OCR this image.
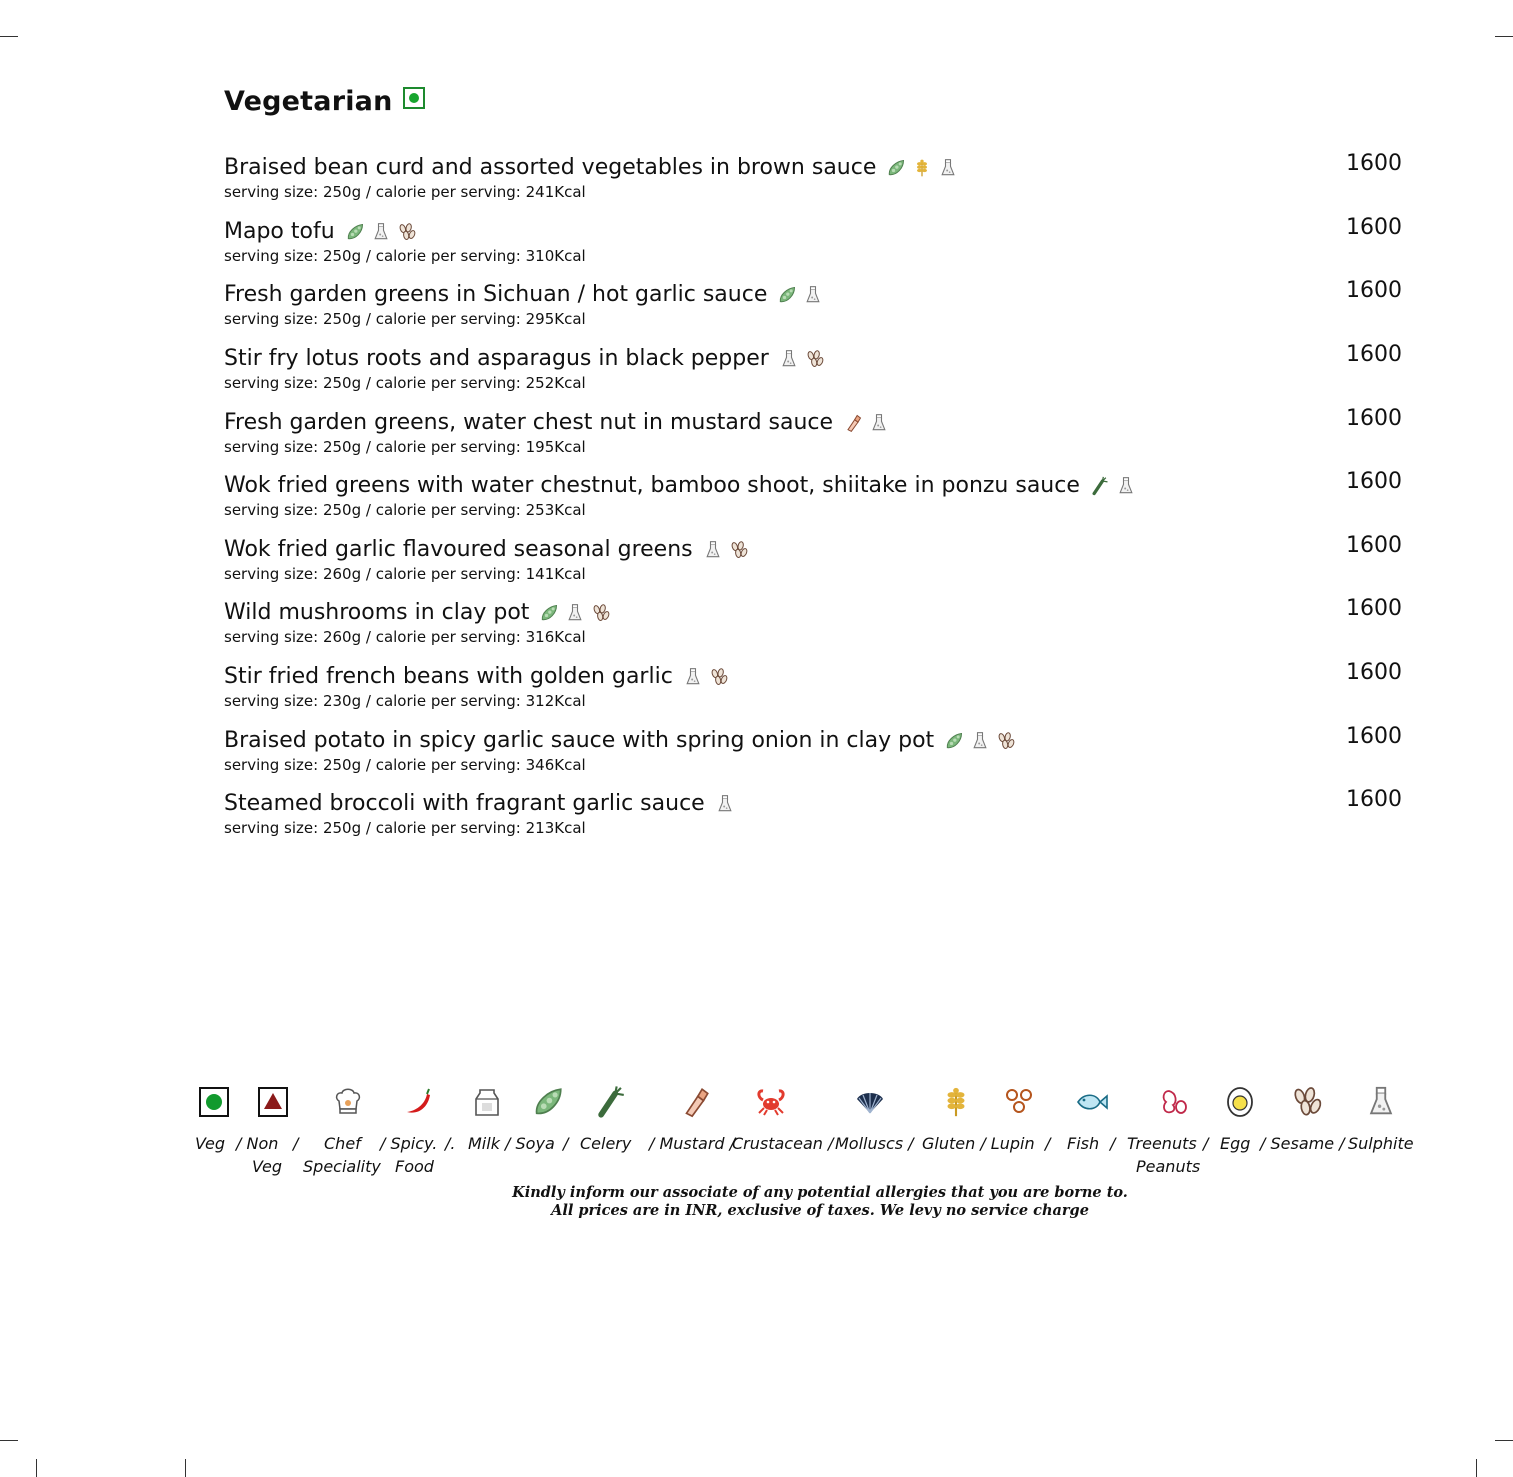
Vegetarian
Braised bean curd and assorted vegetables in brown sauce
serving size: 250g / calorie per serving: 241Kcal
1600
Mapo tofu
serving size: 250g / calorie per serving: 310Kcal
1600
Fresh garden greens in Sichuan / hot garlic sauce
serving size: 250g / calorie per serving: 295Kcal
1600
Stir fry lotus roots and asparagus in black pepper
serving size: 250g / calorie per serving: 252Kcal
1600
Fresh garden greens, water chest nut in mustard sauce
serving size: 250g / calorie per serving: 195Kcal
1600
Wok fried greens with water chestnut, bamboo shoot, shiitake in ponzu sauce
serving size: 250g / calorie per serving: 253Kcal
1600
Wok fried garlic flavoured seasonal greens
serving size: 260g / calorie per serving: 141Kcal
1600
Wild mushrooms in clay pot
serving size: 260g / calorie per serving: 316Kcal
1600
Stir fried french beans with golden garlic
serving size: 230g / calorie per serving: 312Kcal
1600
Braised potato in spicy garlic sauce with spring onion in clay pot
serving size: 250g / calorie per serving: 346Kcal
1600
Steamed broccoli with fragrant garlic sauce
serving size: 250g / calorie per serving: 213Kcal
1600
Veg / Non
Veg
/ Chef
Speciality
/ Spicy.
Food
/. Milk / Soya / Celery / Mustard /
Crustacean / Molluscs / Gluten / Lupin / Fish / Treenuts
Peanuts
/ Egg / Sesame / Sulphite
Kindly inform our associate of any potential allergies that you are borne to.
All prices are in INR, exclusive of taxes. We levy no service charge
